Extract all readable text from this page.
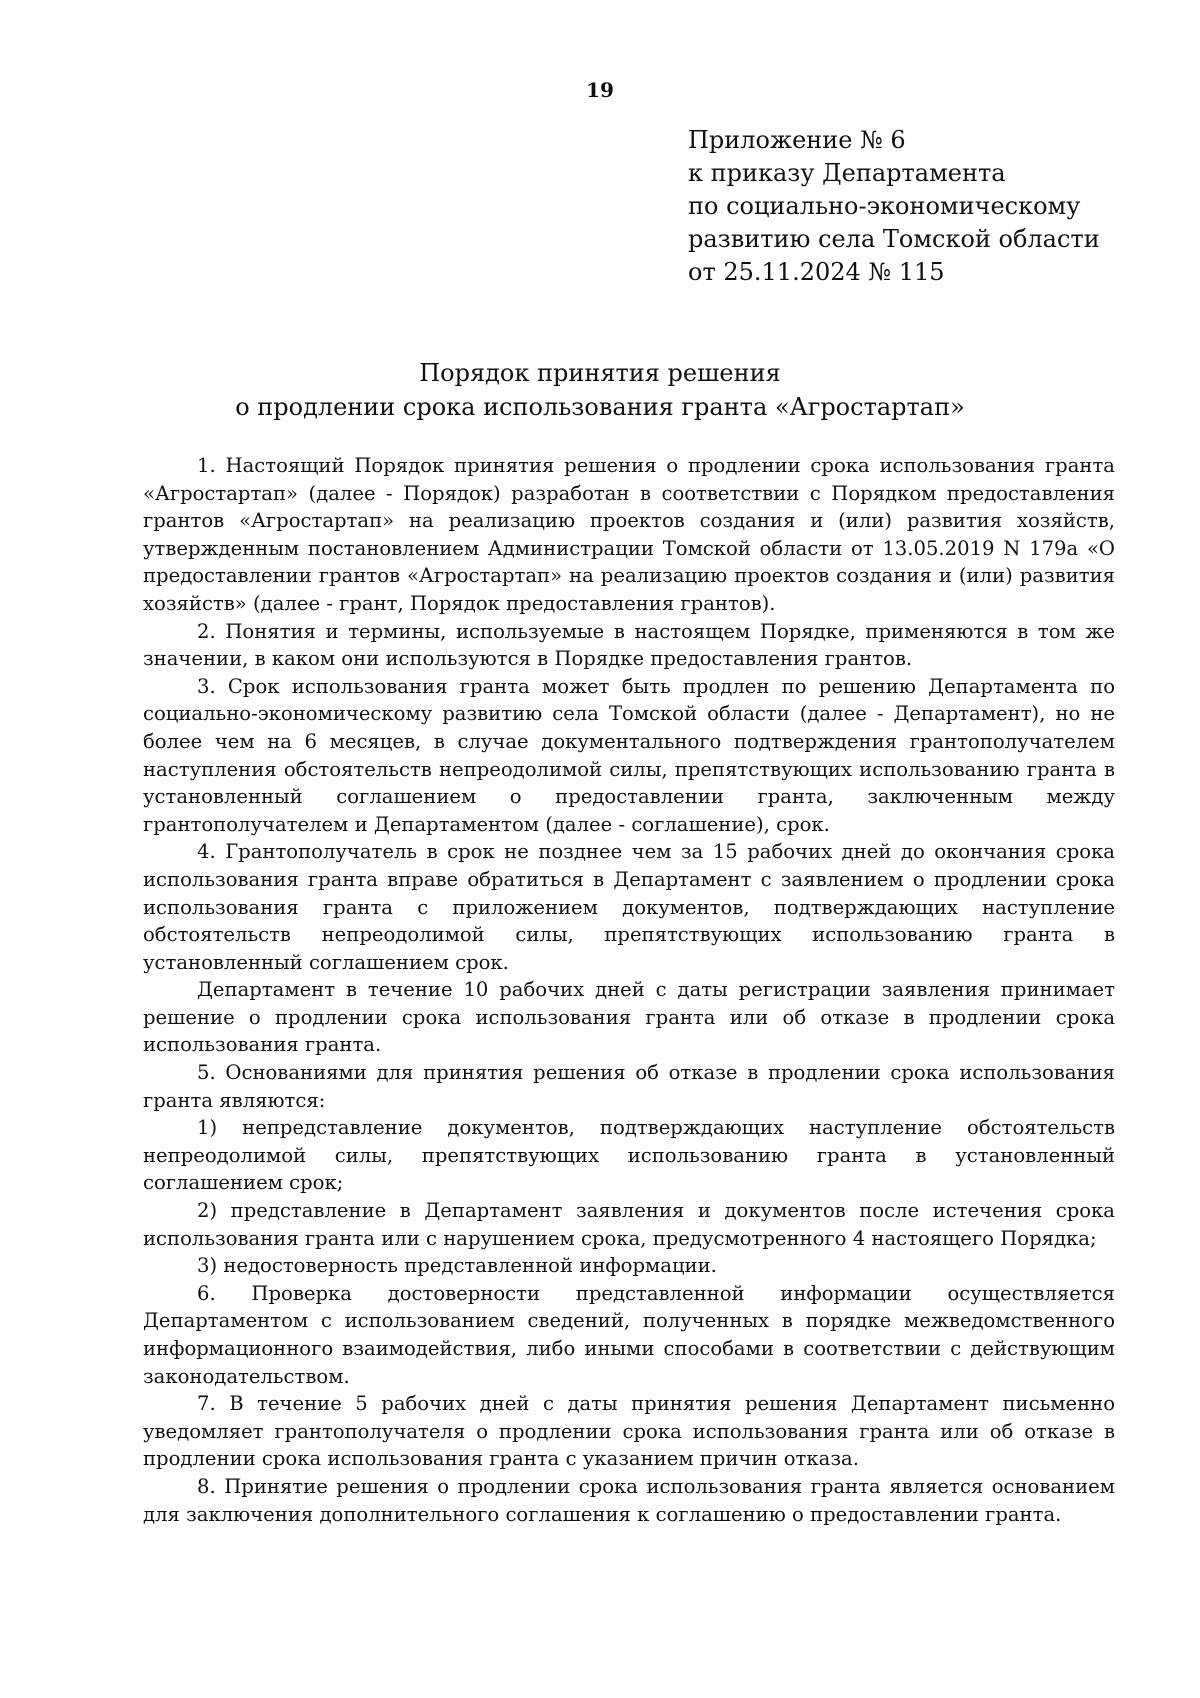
19
Приложение № 6
к приказу Департамента
по социально-экономическому
развитию села Томской области
от 25.11.2024 № 115
Порядок принятия решения
о продлении срока использования гранта «Агростартап»

1. Настоящий Порядок принятия решения о продлении срока использования гранта «Агростартап» (далее - Порядок) разработан в соответствии с Порядком предоставления грантов «Агростартап» на реализацию проектов создания и (или) развития хозяйств, утвержденным постановлением Администрации Томской области от 13.05.2019 N 179а «О предоставлении грантов «Агростартап» на реализацию проектов создания и (или) развития хозяйств» (далее - грант, Порядок предоставления грантов).

2. Понятия и термины, используемые в настоящем Порядке, применяются в том же значении, в каком они используются в Порядке предоставления грантов.

3. Срок использования гранта может быть продлен по решению Департамента по социально-экономическому развитию села Томской области (далее - Департамент), но не более чем на 6 месяцев, в случае документального подтверждения грантополучателем наступления обстоятельств непреодолимой силы, препятствующих использованию гранта в установленный соглашением о предоставлении гранта, заключенным между грантополучателем и Департаментом (далее - соглашение), срок.

4. Грантополучатель в срок не позднее чем за 15 рабочих дней до окончания срока использования гранта вправе обратиться в Департамент с заявлением о продлении срока использования гранта с приложением документов, подтверждающих наступление обстоятельств непреодолимой силы, препятствующих использованию гранта в установленный соглашением срок.

Департамент в течение 10 рабочих дней с даты регистрации заявления принимает решение о продлении срока использования гранта или об отказе в продлении срока использования гранта.

5. Основаниями для принятия решения об отказе в продлении срока использования гранта являются:

1) непредставление документов, подтверждающих наступление обстоятельств непреодолимой силы, препятствующих использованию гранта в установленный соглашением срок;

2) представление в Департамент заявления и документов после истечения срока использования гранта или с нарушением срока, предусмотренного 4 настоящего Порядка;

3) недостоверность представленной информации.

6. Проверка достоверности представленной информации осуществляется Департаментом с использованием сведений, полученных в порядке межведомственного информационного взаимодействия, либо иными способами в соответствии с действующим законодательством.

7. В течение 5 рабочих дней с даты принятия решения Департамент письменно уведомляет грантополучателя о продлении срока использования гранта или об отказе в продлении срока использования гранта с указанием причин отказа.

8. Принятие решения о продлении срока использования гранта является основанием для заключения дополнительного соглашения к соглашению о предоставлении гранта.
